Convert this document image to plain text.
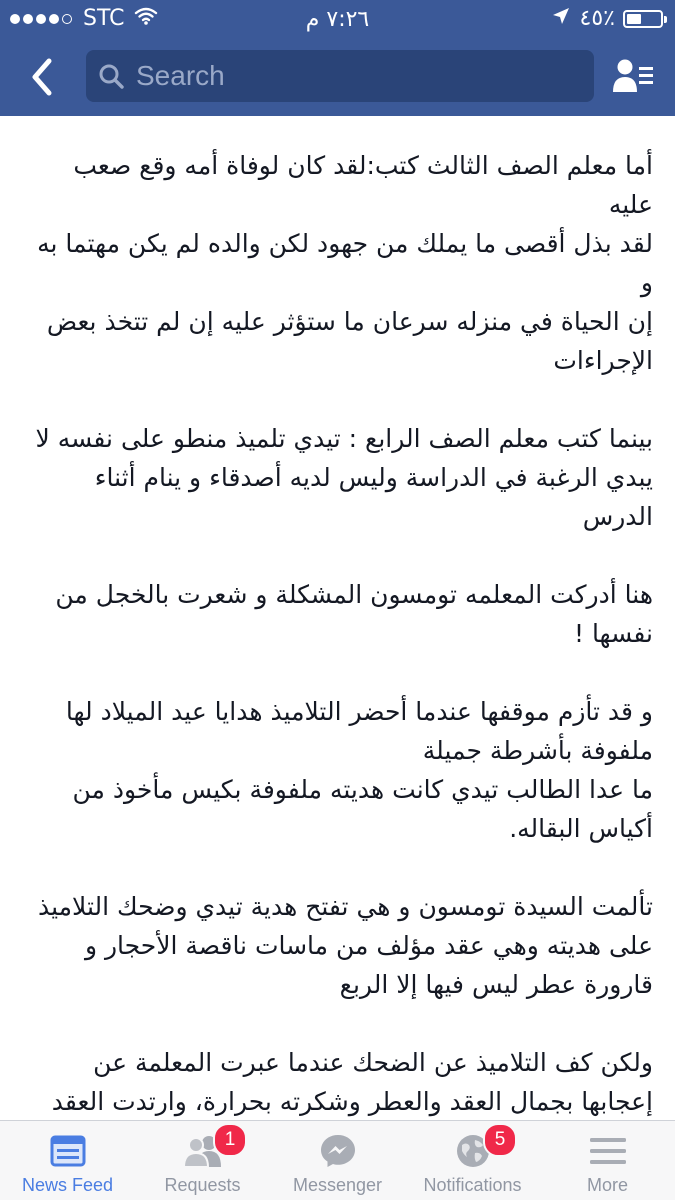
STC	٧:٢٦ م	٤٥٪
Search

أما معلم الصف الثالث كتب:لقد كان لوفاة أمه وقع صعب عليه
لقد بذل أقصى ما يملك من جهود لكن والده لم يكن مهتما به و
إن الحياة في منزله سرعان ما ستؤثر عليه إن لم تتخذ بعض
الإجراءات

بينما كتب معلم الصف الرابع : تيدي تلميذ منطو على نفسه لا
يبدي الرغبة في الدراسة وليس لديه أصدقاء و ينام أثناء
الدرس

هنا أدركت المعلمه تومسون المشكلة و شعرت بالخجل من
نفسها !

و قد تأزم موقفها عندما أحضر التلاميذ هدايا عيد الميلاد لها
ملفوفة بأشرطة جميلة
ما عدا الطالب تيدي كانت هديته ملفوفة بكيس مأخوذ من
أكياس البقاله.

تألمت السيدة تومسون و هي تفتح هدية تيدي وضحك التلاميذ
على هديته وهي عقد مؤلف من ماسات ناقصة الأحجار و
قارورة عطر ليس فيها إلا الربع

ولكن كف التلاميذ عن الضحك عندما عبرت المعلمة عن
إعجابها بجمال العقد والعطر وشكرته بحرارة، وارتدت العقد

News Feed	Requests
1
Messenger Notifications
5
More
